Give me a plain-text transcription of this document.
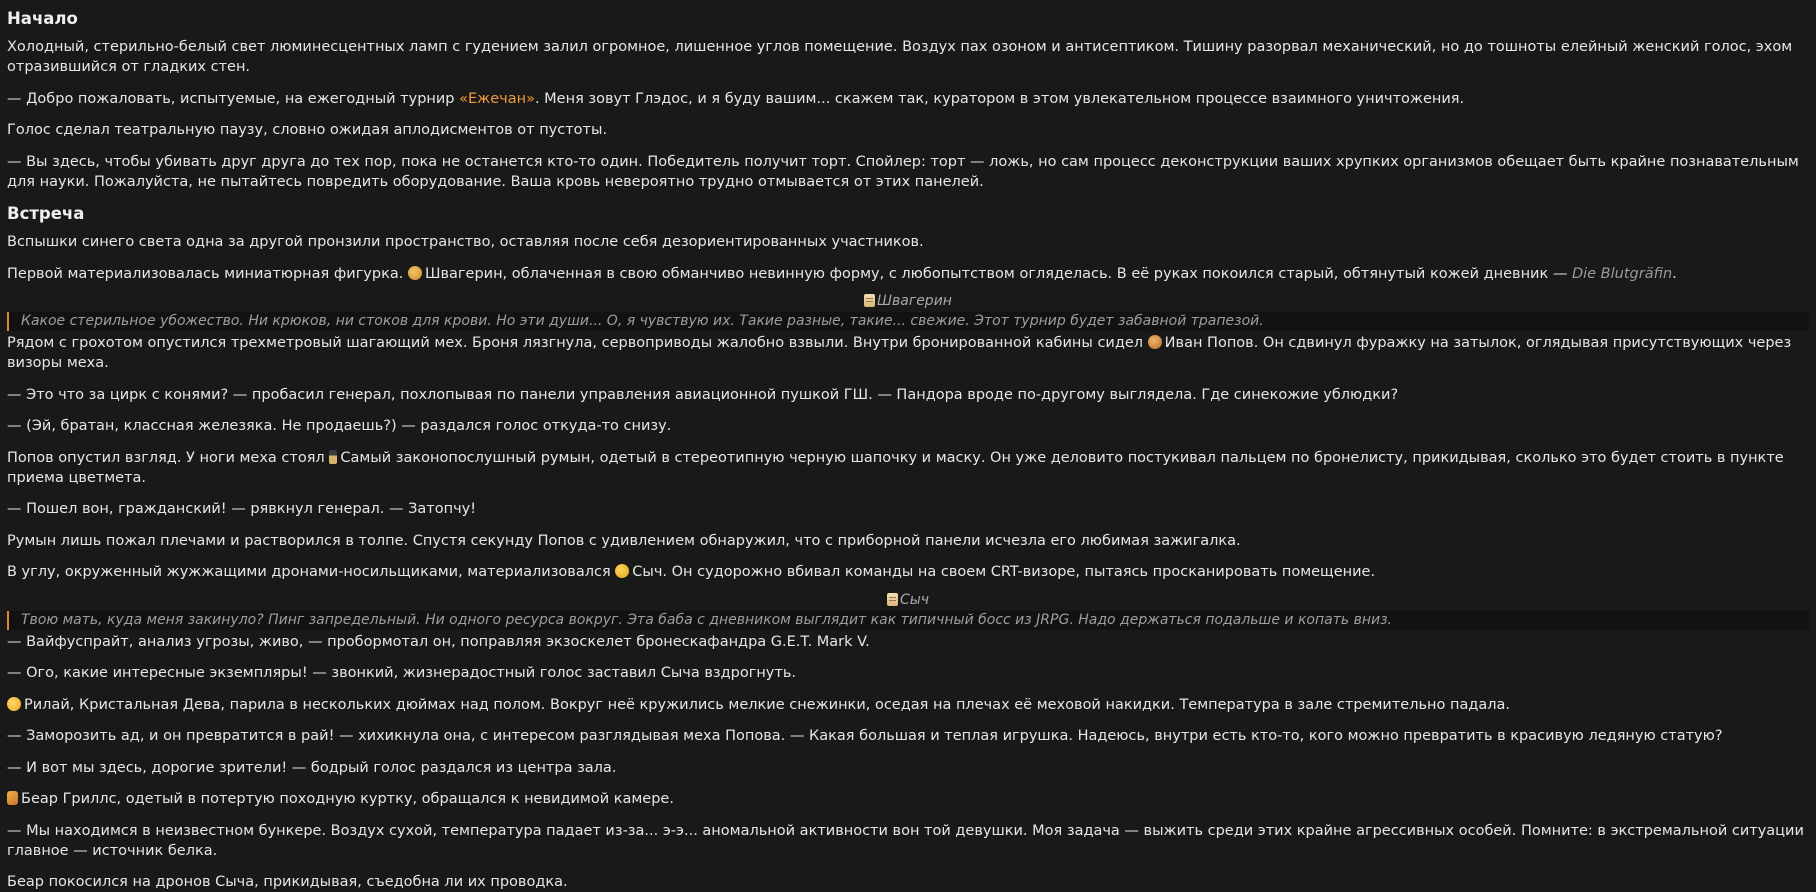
Начало

Холодный, стерильно-белый свет люминесцентных ламп с гудением залил огромное, лишенное углов помещение. Воздух пах озоном и антисептиком. Тишину разорвал механический, но до тошноты елейный женский голос, эхом отразившийся от гладких стен.

— Добро пожаловать, испытуемые, на ежегодный турнир «Ежечан». Меня зовут Глэдос, и я буду вашим... скажем так, куратором в этом увлекательном процессе взаимного уничтожения.

Голос сделал театральную паузу, словно ожидая аплодисментов от пустоты.

— Вы здесь, чтобы убивать друг друга до тех пор, пока не останется кто-то один. Победитель получит торт. Спойлер: торт — ложь, но сам процесс деконструкции ваших хрупких организмов обещает быть крайне познавательным для науки. Пожалуйста, не пытайтесь повредить оборудование. Ваша кровь невероятно трудно отмывается от этих панелей.

Встреча

Вспышки синего света одна за другой пронзили пространство, оставляя после себя дезориентированных участников.

Первой материализовалась миниатюрная фигурка. Швагерин, облаченная в свою обманчиво невинную форму, с любопытством огляделась. В её руках покоился старый, обтянутый кожей дневник — Die Blutgräfin.

Швагерин
Какое стерильное убожество. Ни крюков, ни стоков для крови. Но эти души... О, я чувствую их. Такие разные, такие... свежие. Этот турнир будет забавной трапезой.

Рядом с грохотом опустился трехметровый шагающий мех. Броня лязгнула, сервоприводы жалобно взвыли. Внутри бронированной кабины сидел Иван Попов. Он сдвинул фуражку на затылок, оглядывая присутствующих через визоры меха.

— Это что за цирк с конями? — пробасил генерал, похлопывая по панели управления авиационной пушкой ГШ. — Пандора вроде по-другому выглядела. Где синекожие ублюдки?

— (Эй, братан, классная железяка. Не продаешь?) — раздался голос откуда-то снизу.

Попов опустил взгляд. У ноги меха стоял Самый законопослушный румын, одетый в стереотипную черную шапочку и маску. Он уже деловито постукивал пальцем по бронелисту, прикидывая, сколько это будет стоить в пункте приема цветмета.

— Пошел вон, гражданский! — рявкнул генерал. — Затопчу!

Румын лишь пожал плечами и растворился в толпе. Спустя секунду Попов с удивлением обнаружил, что с приборной панели исчезла его любимая зажигалка.

В углу, окруженный жужжащими дронами-носильщиками, материализовался Сыч. Он судорожно вбивал команды на своем CRT-визоре, пытаясь просканировать помещение.

Сыч
Твою мать, куда меня закинуло? Пинг запредельный. Ни одного ресурса вокруг. Эта баба с дневником выглядит как типичный босс из JRPG. Надо держаться подальше и копать вниз.

— Вайфуспрайт, анализ угрозы, живо, — пробормотал он, поправляя экзоскелет бронескафандра G.E.T. Mark V.

— Ого, какие интересные экземпляры! — звонкий, жизнерадостный голос заставил Сыча вздрогнуть.

Рилай, Кристальная Дева, парила в нескольких дюймах над полом. Вокруг неё кружились мелкие снежинки, оседая на плечах её меховой накидки. Температура в зале стремительно падала.

— Заморозить ад, и он превратится в рай! — хихикнула она, с интересом разглядывая меха Попова. — Какая большая и теплая игрушка. Надеюсь, внутри есть кто-то, кого можно превратить в красивую ледяную статую?

— И вот мы здесь, дорогие зрители! — бодрый голос раздался из центра зала.

Беар Гриллс, одетый в потертую походную куртку, обращался к невидимой камере.

— Мы находимся в неизвестном бункере. Воздух сухой, температура падает из-за... э-э... аномальной активности вон той девушки. Моя задача — выжить среди этих крайне агрессивных особей. Помните: в экстремальной ситуации главное — источник белка.

Беар покосился на дронов Сыча, прикидывая, съедобна ли их проводка.
